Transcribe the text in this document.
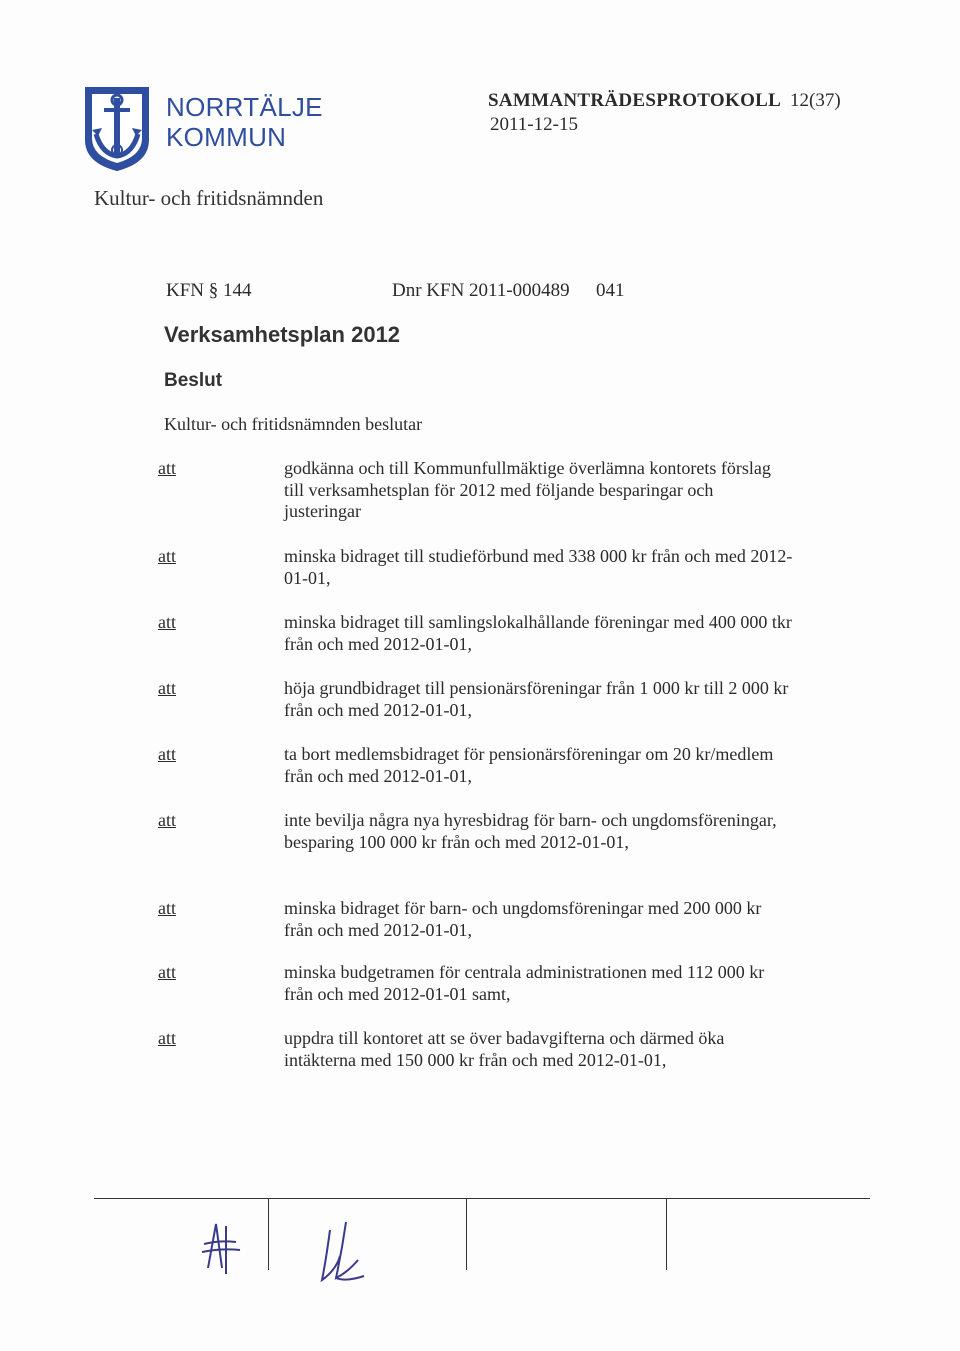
NORRTÄLJE
KOMMUN
SAMMANTRÄDESPROTOKOLL 12(37)
2011-12-15
Kultur- och fritidsnämnden
KFN § 144	Dnr KFN 2011-000489 041
Verksamhetsplan 2012
Beslut
Kultur- och fritidsnämnden beslutar
att	godkänna och till Kommunfullmäktige överlämna kontorets förslag till verksamhetsplan för 2012 med följande besparingar och justeringar
att	minska bidraget till studieförbund med 338 000 kr från och med 2012-01-01,
att	minska bidraget till samlingslokalhållande föreningar med 400 000 tkr från och med 2012-01-01,
att	höja grundbidraget till pensionärsföreningar från 1 000 kr till 2 000 kr från och med 2012-01-01,
att	ta bort medlemsbidraget för pensionärsföreningar om 20 kr/medlem från och med 2012-01-01,
att	inte bevilja några nya hyresbidrag för barn- och ungdomsföreningar, besparing 100 000 kr från och med 2012-01-01,
att	minska bidraget för barn- och ungdomsföreningar med 200 000 kr från och med 2012-01-01,
att	minska budgetramen för centrala administrationen med 112 000 kr från och med 2012-01-01 samt,
att	uppdra till kontoret att se över badavgifterna och därmed öka intäkterna med 150 000 kr från och med 2012-01-01,
